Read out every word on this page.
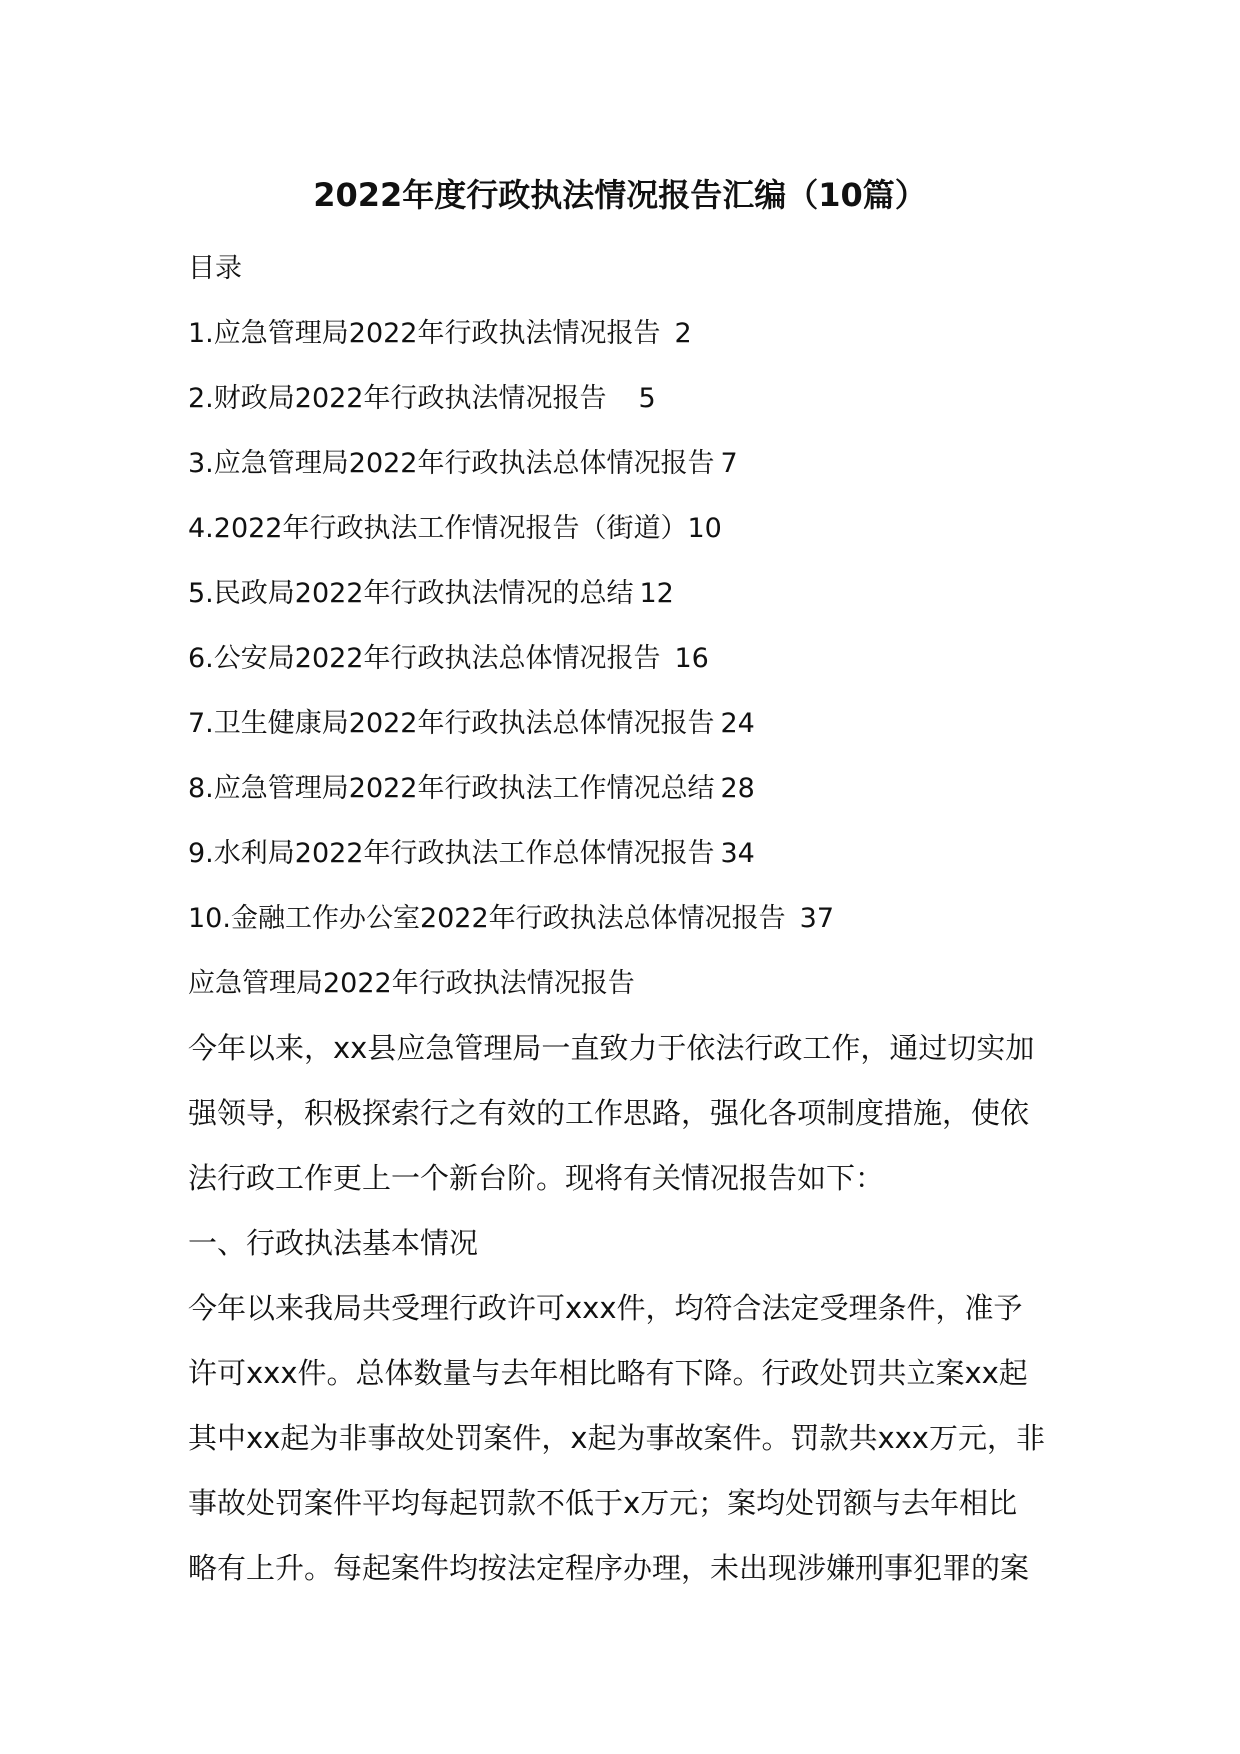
2022年度行政执法情况报告汇编（10篇）
目录
1.应急管理局2022年行政执法情况报告 2
2.财政局2022年行政执法情况报告 5
3.应急管理局2022年行政执法总体情况报告 7
4.2022年行政执法工作情况报告（街道）10
5.民政局2022年行政执法情况的总结 12
6.公安局2022年行政执法总体情况报告 16
7.卫生健康局2022年行政执法总体情况报告 24
8.应急管理局2022年行政执法工作情况总结 28
9.水利局2022年行政执法工作总体情况报告 34
10.金融工作办公室2022年行政执法总体情况报告 37
应急管理局2022年行政执法情况报告
今年以来，xx县应急管理局一直致力于依法行政工作，通过切实加
强领导，积极探索行之有效的工作思路，强化各项制度措施，使依
法行政工作更上一个新台阶。现将有关情况报告如下：
一、行政执法基本情况
今年以来我局共受理行政许可xxx件，均符合法定受理条件，准予
许可xxx件。总体数量与去年相比略有下降。行政处罚共立案xx起
其中xx起为非事故处罚案件，x起为事故案件。罚款共xxx万元，非
事故处罚案件平均每起罚款不低于x万元；案均处罚额与去年相比
略有上升。每起案件均按法定程序办理，未出现涉嫌刑事犯罪的案
